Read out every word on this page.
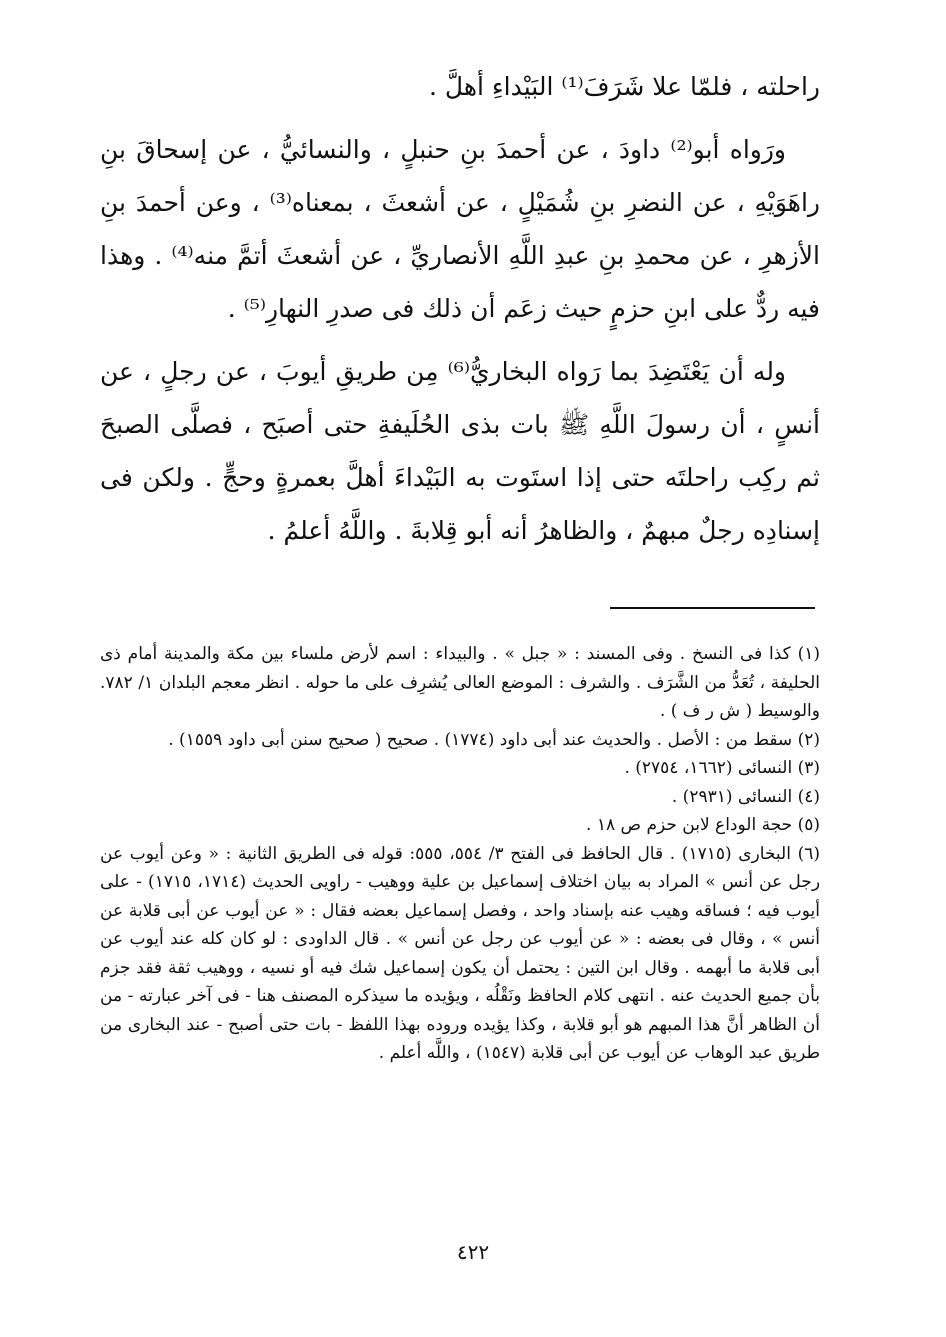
راحلته ، فلمّا علا شَرَفَ⁽¹⁾ البَيْداءِ أهلَّ .

ورَواه أبو⁽²⁾ داودَ ، عن أحمدَ بنِ حنبلٍ ، والنسائيُّ ، عن إسحاقَ بنِ راهَوَيْهِ ، عن النضرِ بنِ شُمَيْلٍ ، عن أشعثَ ، بمعناه⁽³⁾ ، وعن أحمدَ بنِ الأزهرِ ، عن محمدِ بنِ عبدِ اللَّهِ الأنصاريِّ ، عن أشعثَ أتمَّ منه⁽⁴⁾ . وهذا فيه ردٌّ على ابنِ حزمٍ حيث زعَم أن ذلك فى صدرِ النهارِ⁽⁵⁾ .

وله أن يَعْتَضِدَ بما رَواه البخاريُّ⁽⁶⁾ مِن طريقِ أيوبَ ، عن رجلٍ ، عن أنسٍ ، أن رسولَ اللَّهِ ﷺ بات بذى الحُلَيفةِ حتى أصبَح ، فصلَّى الصبحَ ثم ركِب راحلتَه حتى إذا استَوت به البَيْداءَ أهلَّ بعمرةٍ وحجٍّ . ولكن فى إسنادِه رجلٌ مبهمٌ ، والظاهرُ أنه أبو قِلابةَ . واللَّهُ أعلمُ .

(١) كذا فى النسخ . وفى المسند : « جبل » . والبيداء : اسم لأرض ملساء بين مكة والمدينة أمام ذى الحليفة ، تُعَدُّ من الشَّرَف . والشرف : الموضع العالى يُشرِف على ما حوله . انظر معجم البلدان ١/ ٧٨٢. والوسيط ( ش ر ف ) .

(٢) سقط من : الأصل . والحديث عند أبى داود (١٧٧٤) . صحيح ( صحيح سنن أبى داود ١٥٥٩) .

(٣) النسائى (١٦٦٢، ٢٧٥٤) .

(٤) النسائى (٢٩٣١) .

(٥) حجة الوداع لابن حزم ص ١٨ .

(٦) البخارى (١٧١٥) . قال الحافظ فى الفتح ٣/ ٥٥٤، ٥٥٥: قوله فى الطريق الثانية : « وعن أيوب عن رجل عن أنس » المراد به بيان اختلاف إسماعيل بن علية ووهيب - راويى الحديث (١٧١٤، ١٧١٥) - على أيوب فيه ؛ فساقه وهيب عنه بإسناد واحد ، وفصل إسماعيل بعضه فقال : « عن أيوب عن أبى قلابة عن أنس » ، وقال فى بعضه : « عن أيوب عن رجل عن أنس » . قال الداودى : لو كان كله عند أيوب عن أبى قلابة ما أبهمه . وقال ابن التين : يحتمل أن يكون إسماعيل شك فيه أو نسيه ، ووهيب ثقة فقد جزم بأن جميع الحديث عنه . انتهى كلام الحافظ ونَقْلُه ، ويؤيده ما سيذكره المصنف هنا - فى آخر عبارته - من أن الظاهر أنَّ هذا المبهم هو أبو قلابة ، وكذا يؤيده وروده بهذا اللفظ - بات حتى أصبح - عند البخارى من طريق عبد الوهاب عن أيوب عن أبى قلابة (١٥٤٧) ، واللَّه أعلم .

٤٢٢
